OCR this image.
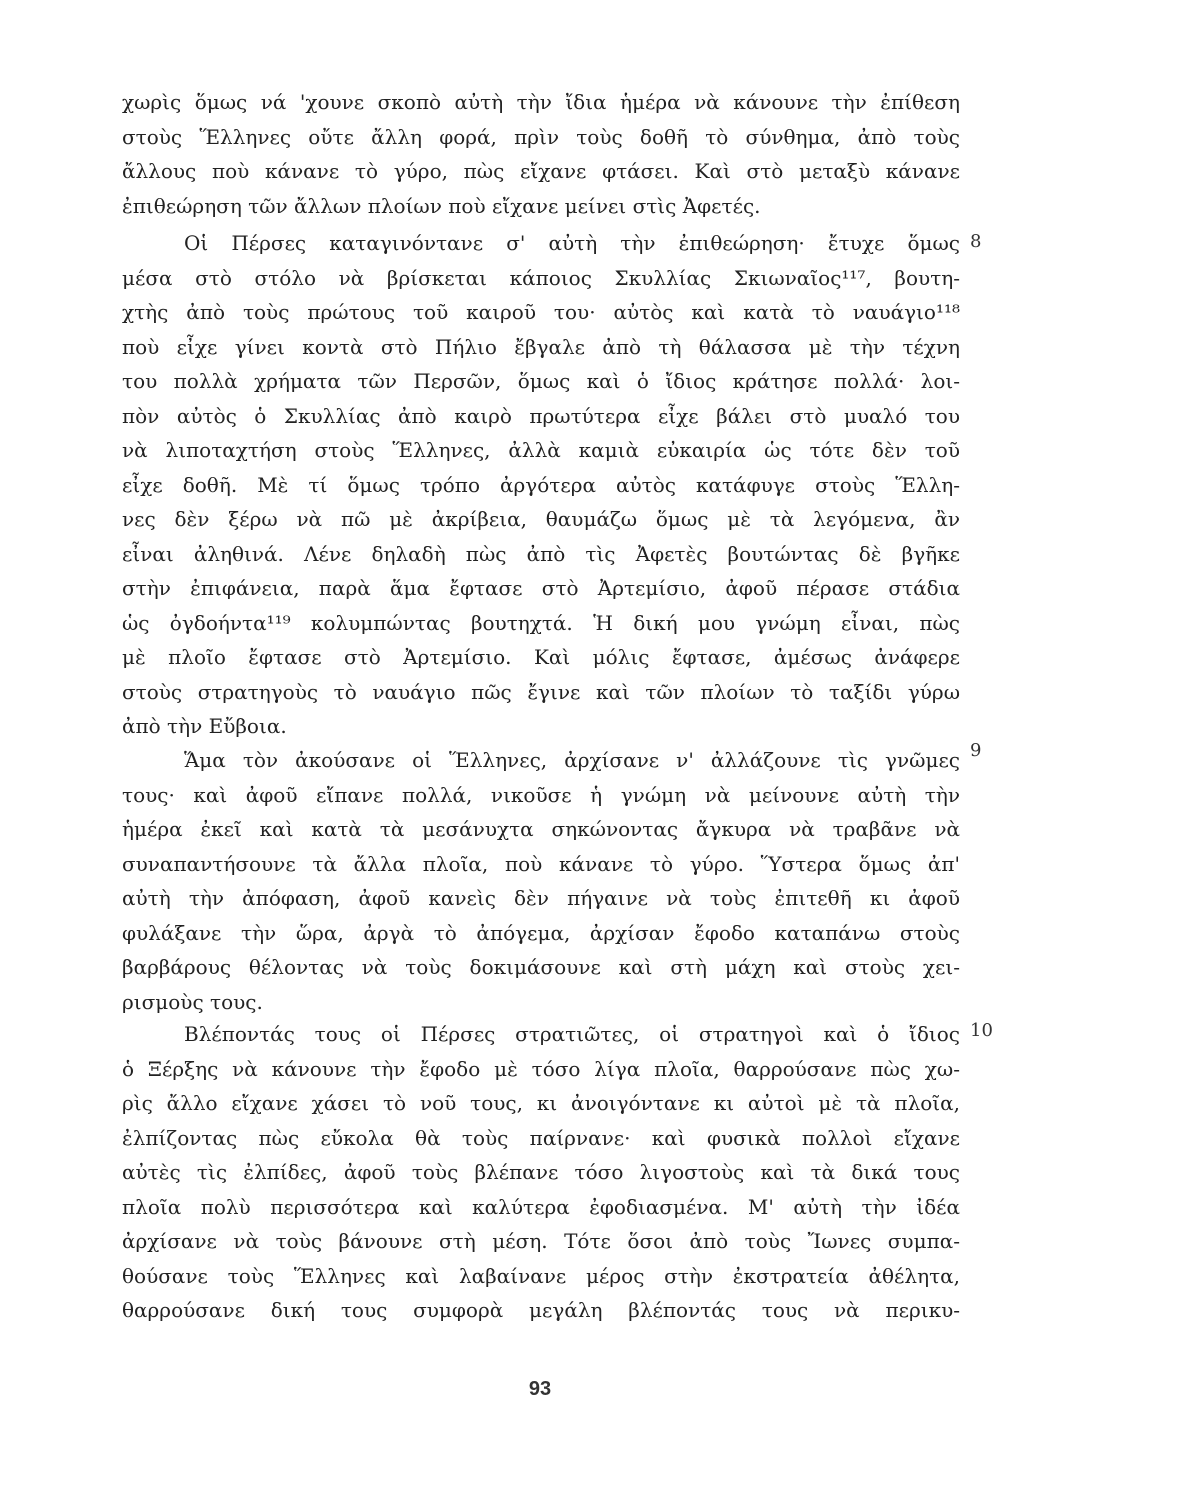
χωρὶς ὅμως νά 'χουνε σκοπὸ αὐτὴ τὴν ἴδια ἡμέρα νὰ κάνουνε τὴν ἐπίθεση
στοὺς Ἕλληνες οὔτε ἄλλη φορά, πρὶν τοὺς δοθῆ τὸ σύνθημα, ἀπὸ τοὺς
ἄλλους ποὺ κάνανε τὸ γύρο, πὼς εἴχανε φτάσει. Καὶ στὸ μεταξὺ κάνανε
ἐπιθεώρηση τῶν ἄλλων πλοίων ποὺ εἴχανε μείνει στὶς Ἀφετές.
8
Οἱ Πέρσες καταγινόντανε σ' αὐτὴ τὴν ἐπιθεώρηση· ἔτυχε ὅμως
μέσα στὸ στόλο νὰ βρίσκεται κάποιος Σκυλλίας Σκιωναῖος¹¹⁷, βουτη-
χτὴς ἀπὸ τοὺς πρώτους τοῦ καιροῦ του· αὐτὸς καὶ κατὰ τὸ ναυάγιο¹¹⁸
ποὺ εἶχε γίνει κοντὰ στὸ Πήλιο ἔβγαλε ἀπὸ τὴ θάλασσα μὲ τὴν τέχνη
του πολλὰ χρήματα τῶν Περσῶν, ὅμως καὶ ὁ ἴδιος κράτησε πολλά· λοι-
πὸν αὐτὸς ὁ Σκυλλίας ἀπὸ καιρὸ πρωτύτερα εἶχε βάλει στὸ μυαλό του
νὰ λιποταχτήση στοὺς Ἕλληνες, ἀλλὰ καμιὰ εὐκαιρία ὡς τότε δὲν τοῦ
εἶχε δοθῆ. Μὲ τί ὅμως τρόπο ἀργότερα αὐτὸς κατάφυγε στοὺς Ἕλλη-
νες δὲν ξέρω νὰ πῶ μὲ ἀκρίβεια, θαυμάζω ὅμως μὲ τὰ λεγόμενα, ἂν
εἶναι ἀληθινά. Λένε δηλαδὴ πὼς ἀπὸ τὶς Ἀφετὲς βουτώντας δὲ βγῆκε
στὴν ἐπιφάνεια, παρὰ ἅμα ἔφτασε στὸ Ἀρτεμίσιο, ἀφοῦ πέρασε στάδια
ὡς ὀγδοήντα¹¹⁹ κολυμπώντας βουτηχτά. Ἡ δική μου γνώμη εἶναι, πὼς
μὲ πλοῖο ἔφτασε στὸ Ἀρτεμίσιο. Καὶ μόλις ἔφτασε, ἀμέσως ἀνάφερε
στοὺς στρατηγοὺς τὸ ναυάγιο πῶς ἔγινε καὶ τῶν πλοίων τὸ ταξίδι γύρω
ἀπὸ τὴν Εὔβοια.
9
Ἅμα τὸν ἀκούσανε οἱ Ἕλληνες, ἀρχίσανε ν' ἀλλάζουνε τὶς γνῶμες
τους· καὶ ἀφοῦ εἴπανε πολλά, νικοῦσε ἡ γνώμη νὰ μείνουνε αὐτὴ τὴν
ἡμέρα ἐκεῖ καὶ κατὰ τὰ μεσάνυχτα σηκώνοντας ἄγκυρα νὰ τραβᾶνε νὰ
συναπαντήσουνε τὰ ἄλλα πλοῖα, ποὺ κάνανε τὸ γύρο. Ὕστερα ὅμως ἀπ'
αὐτὴ τὴν ἀπόφαση, ἀφοῦ κανεὶς δὲν πήγαινε νὰ τοὺς ἐπιτεθῆ κι ἀφοῦ
φυλάξανε τὴν ὥρα, ἀργὰ τὸ ἀπόγεμα, ἀρχίσαν ἔφοδο καταπάνω στοὺς
βαρβάρους θέλοντας νὰ τοὺς δοκιμάσουνε καὶ στὴ μάχη καὶ στοὺς χει-
ρισμοὺς τους.
10
Βλέποντάς τους οἱ Πέρσες στρατιῶτες, οἱ στρατηγοὶ καὶ ὁ ἴδιος
ὁ Ξέρξης νὰ κάνουνε τὴν ἔφοδο μὲ τόσο λίγα πλοῖα, θαρρούσανε πὼς χω-
ρὶς ἄλλο εἴχανε χάσει τὸ νοῦ τους, κι ἀνοιγόντανε κι αὐτοὶ μὲ τὰ πλοῖα,
ἐλπίζοντας πὼς εὔκολα θὰ τοὺς παίρνανε· καὶ φυσικὰ πολλοὶ εἴχανε
αὐτὲς τὶς ἐλπίδες, ἀφοῦ τοὺς βλέπανε τόσο λιγοστοὺς καὶ τὰ δικά τους
πλοῖα πολὺ περισσότερα καὶ καλύτερα ἐφοδιασμένα. Μ' αὐτὴ τὴν ἰδέα
ἀρχίσανε νὰ τοὺς βάνουνε στὴ μέση. Τότε ὅσοι ἀπὸ τοὺς Ἴωνες συμπα-
θούσανε τοὺς Ἕλληνες καὶ λαβαίνανε μέρος στὴν ἐκστρατεία ἀθέλητα,
θαρρούσανε δική τους συμφορὰ μεγάλη βλέποντάς τους νὰ περικυ-
93
